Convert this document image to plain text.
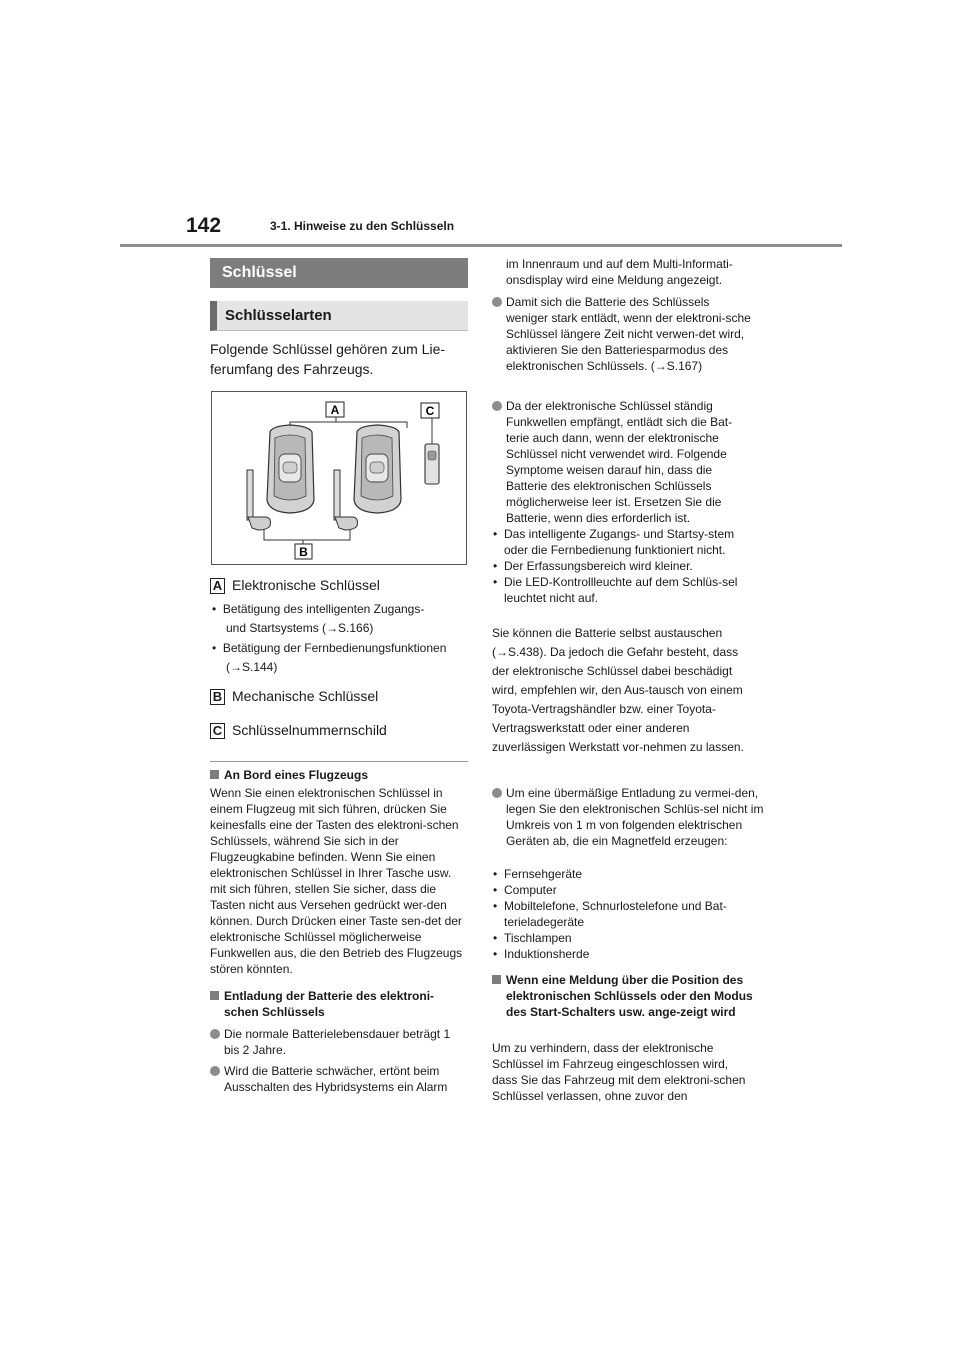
142	3-1. Hinweise zu den Schlüsseln
Schlüssel
Schlüsselarten
Folgende Schlüssel gehören zum Lie-
ferumfang des Fahrzeugs.
A	C
B
A Elektronische Schlüssel
•  Betätigung des intelligenten Zugangs-
und Startsystems (→S.166)
•  Betätigung der Fernbedienungsfunktionen
(→S.144)
B Mechanische Schlüssel
C Schlüsselnummernschild
An Bord eines Flugzeugs
Wenn Sie einen elektronischen Schlüssel in einem Flugzeug mit sich führen, drücken Sie keinesfalls eine der Tasten des elektroni-schen Schlüssels, während Sie sich in der Flugzeugkabine befinden. Wenn Sie einen elektronischen Schlüssel in Ihrer Tasche usw. mit sich führen, stellen Sie sicher, dass die Tasten nicht aus Versehen gedrückt wer-den können. Durch Drücken einer Taste sen-det der elektronische Schlüssel möglicherweise Funkwellen aus, die den Betrieb des Flugzeugs stören könnten.
Entladung der Batterie des elektroni-schen Schlüssels
Die normale Batterielebensdauer beträgt 1 bis 2 Jahre.
Wird die Batterie schwächer, ertönt beim Ausschalten des Hybridsystems ein Alarm
im Innenraum und auf dem Multi-Informati-onsdisplay wird eine Meldung angezeigt.
Damit sich die Batterie des Schlüssels weniger stark entlädt, wenn der elektroni-sche Schlüssel längere Zeit nicht verwen-det wird, aktivieren Sie den Batteriesparmodus des elektronischen Schlüssels. (→S.167)
Da der elektronische Schlüssel ständig Funkwellen empfängt, entlädt sich die Bat-terie auch dann, wenn der elektronische Schlüssel nicht verwendet wird. Folgende Symptome weisen darauf hin, dass die Batterie des elektronischen Schlüssels möglicherweise leer ist. Ersetzen Sie die Batterie, wenn dies erforderlich ist.
• Das intelligente Zugangs- und Startsy-stem oder die Fernbedienung funktioniert nicht.
• Der Erfassungsbereich wird kleiner.
• Die LED-Kontrollleuchte auf dem Schlüs-sel leuchtet nicht auf.
Sie können die Batterie selbst austauschen (→S.438). Da jedoch die Gefahr besteht, dass der elektronische Schlüssel dabei beschädigt wird, empfehlen wir, den Aus-tausch von einem Toyota-Vertragshändler bzw. einer Toyota-Vertragswerkstatt oder einer anderen zuverlässigen Werkstatt vor-nehmen zu lassen.
Um eine übermäßige Entladung zu vermei-den, legen Sie den elektronischen Schlüs-sel nicht im Umkreis von 1 m von folgenden elektrischen Geräten ab, die ein Magnetfeld erzeugen:
• Fernsehgeräte
• Computer
• Mobiltelefone, Schnurlostelefone und Bat-terieladegeräte
• Tischlampen
• Induktionsherde
Wenn eine Meldung über die Position des elektronischen Schlüssels oder den Modus des Start-Schalters usw. ange-zeigt wird
Um zu verhindern, dass der elektronische Schlüssel im Fahrzeug eingeschlossen wird, dass Sie das Fahrzeug mit dem elektroni-schen Schlüssel verlassen, ohne zuvor den
